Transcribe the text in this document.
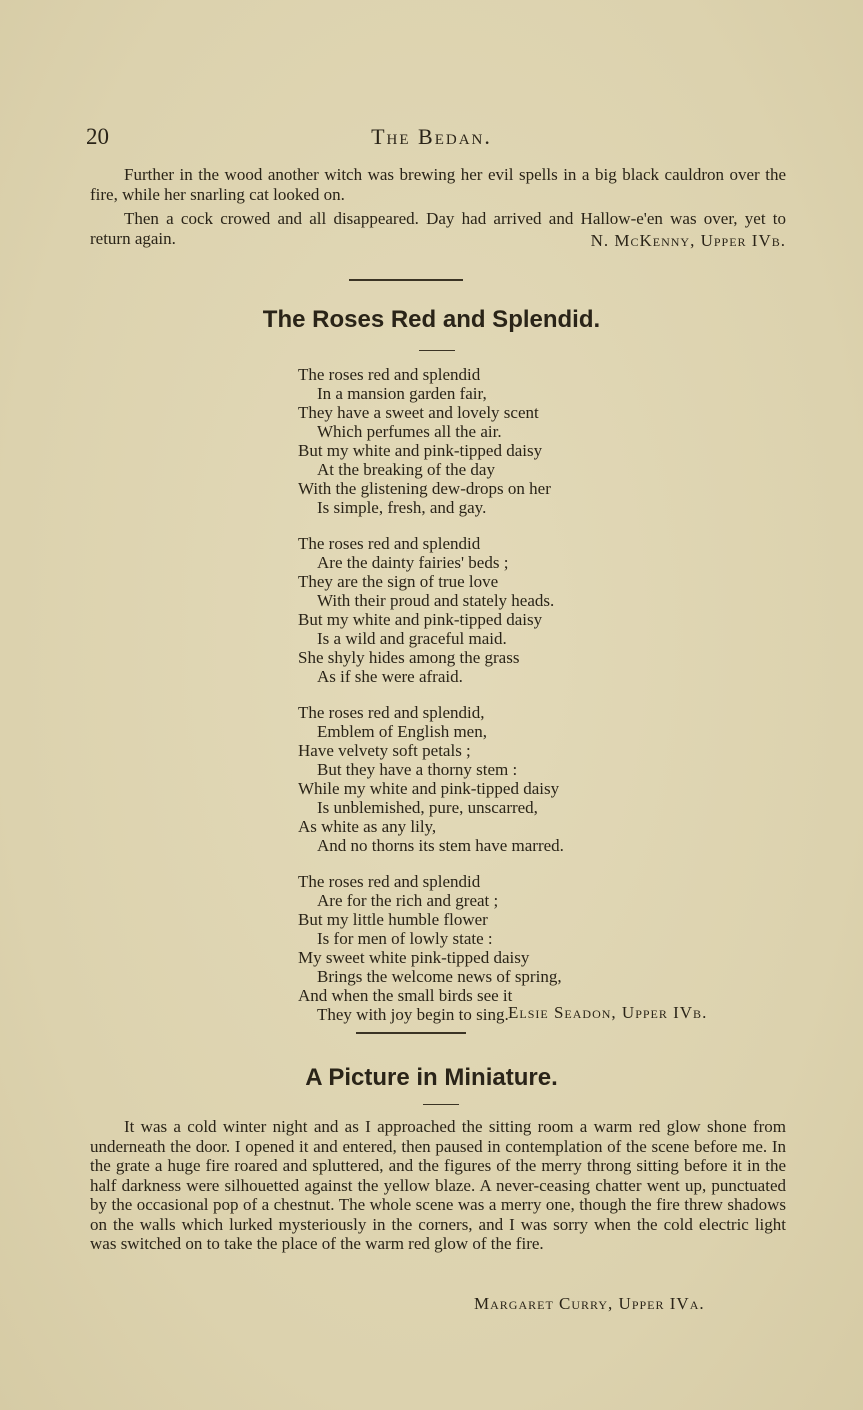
20	The Bedan.

Further in the wood another witch was brewing her evil spells in a big black cauldron over the fire, while her snarling cat looked on.

Then a cock crowed and all disappeared. Day had arrived and Hallow-e'en was over, yet to return again.	N. McKenny, Upper IVb.

The Roses Red and Splendid.
The roses red and splendid
In a mansion garden fair,
They have a sweet and lovely scent
Which perfumes all the air.
But my white and pink-tipped daisy
At the breaking of the day
With the glistening dew-drops on her
Is simple, fresh, and gay.
The roses red and splendid
Are the dainty fairies' beds ;
They are the sign of true love
With their proud and stately heads.
But my white and pink-tipped daisy
Is a wild and graceful maid.
She shyly hides among the grass
As if she were afraid.
The roses red and splendid,
Emblem of English men,
Have velvety soft petals ;
But they have a thorny stem :
While my white and pink-tipped daisy
Is unblemished, pure, unscarred,
As white as any lily,
And no thorns its stem have marred.
The roses red and splendid
Are for the rich and great ;
But my little humble flower
Is for men of lowly state :
My sweet white pink-tipped daisy
Brings the welcome news of spring,
And when the small birds see it
They with joy begin to sing. Elsie Seadon, Upper IVb.
A Picture in Miniature.

It was a cold winter night and as I approached the sitting room a warm red glow shone from underneath the door. I opened it and entered, then paused in contemplation of the scene before me. In the grate a huge fire roared and spluttered, and the figures of the merry throng sitting before it in the half darkness were silhouetted against the yellow blaze. A never-ceasing chatter went up, punctuated by the occasional pop of a chestnut. The whole scene was a merry one, though the fire threw shadows on the walls which lurked mysteriously in the corners, and I was sorry when the cold electric light was switched on to take the place of the warm red glow of the fire.

Margaret Curry, Upper IVa.
